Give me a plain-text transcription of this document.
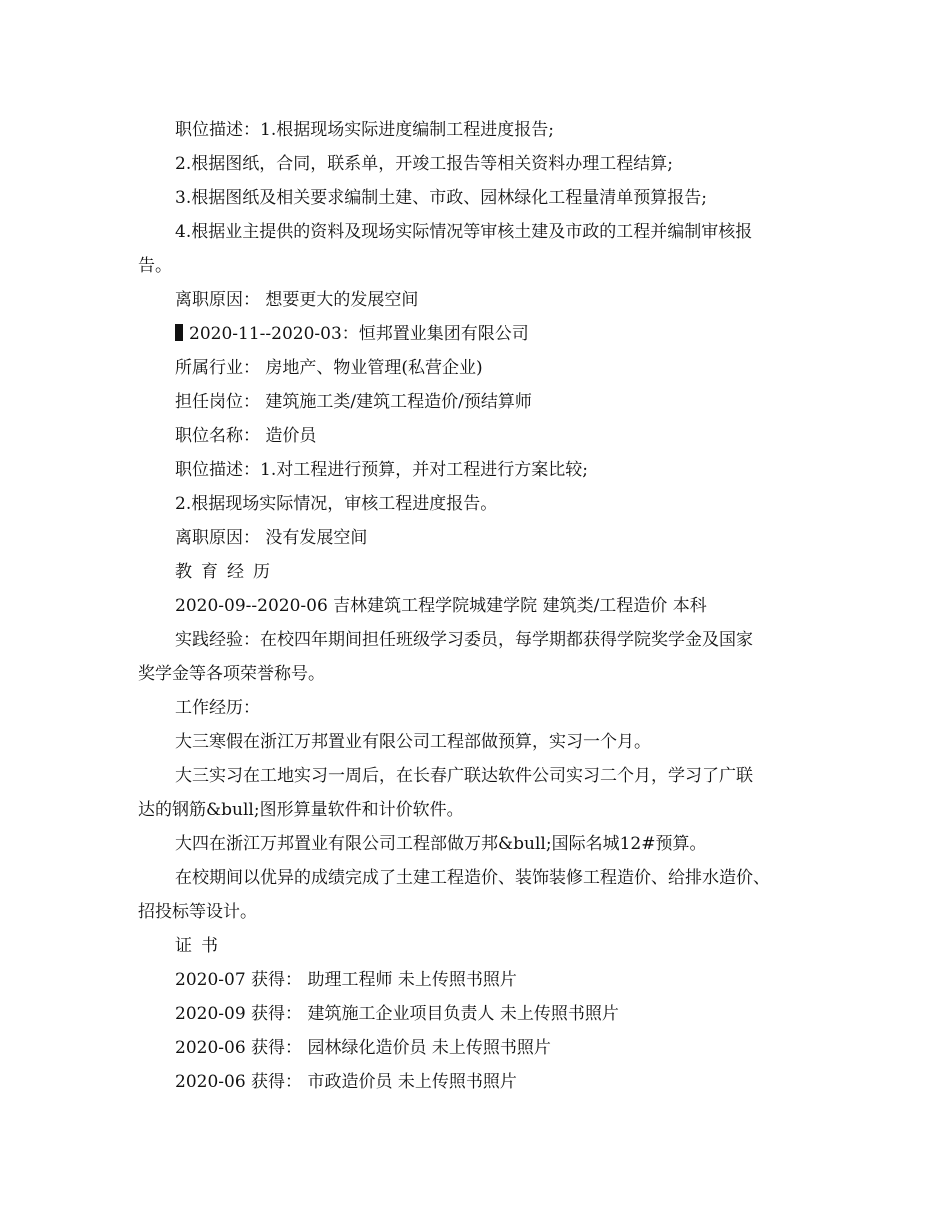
职位描述：1.根据现场实际进度编制工程进度报告;
2.根据图纸，合同，联系单，开竣工报告等相关资料办理工程结算;
3.根据图纸及相关要求编制土建、市政、园林绿化工程量清单预算报告;
4.根据业主提供的资料及现场实际情况等审核土建及市政的工程并编制审核报
告。
离职原因： 想要更大的发展空间
2020-11--2020-03：恒邦置业集团有限公司
所属行业： 房地产、物业管理(私营企业)
担任岗位： 建筑施工类/建筑工程造价/预结算师
职位名称： 造价员
职位描述：1.对工程进行预算，并对工程进行方案比较;
2.根据现场实际情况，审核工程进度报告。
离职原因： 没有发展空间
教育经历
2020-09--2020-06 吉林建筑工程学院城建学院 建筑类/工程造价 本科
实践经验：在校四年期间担任班级学习委员，每学期都获得学院奖学金及国家
奖学金等各项荣誉称号。
工作经历：
大三寒假在浙江万邦置业有限公司工程部做预算，实习一个月。
大三实习在工地实习一周后，在长春广联达软件公司实习二个月，学习了广联
达的钢筋&bull;图形算量软件和计价软件。
大四在浙江万邦置业有限公司工程部做万邦&bull;国际名城12#预算。
在校期间以优异的成绩完成了土建工程造价、装饰装修工程造价、给排水造价、
招投标等设计。
证书
2020-07 获得： 助理工程师 未上传照书照片
2020-09 获得： 建筑施工企业项目负责人 未上传照书照片
2020-06 获得： 园林绿化造价员 未上传照书照片
2020-06 获得： 市政造价员 未上传照书照片
